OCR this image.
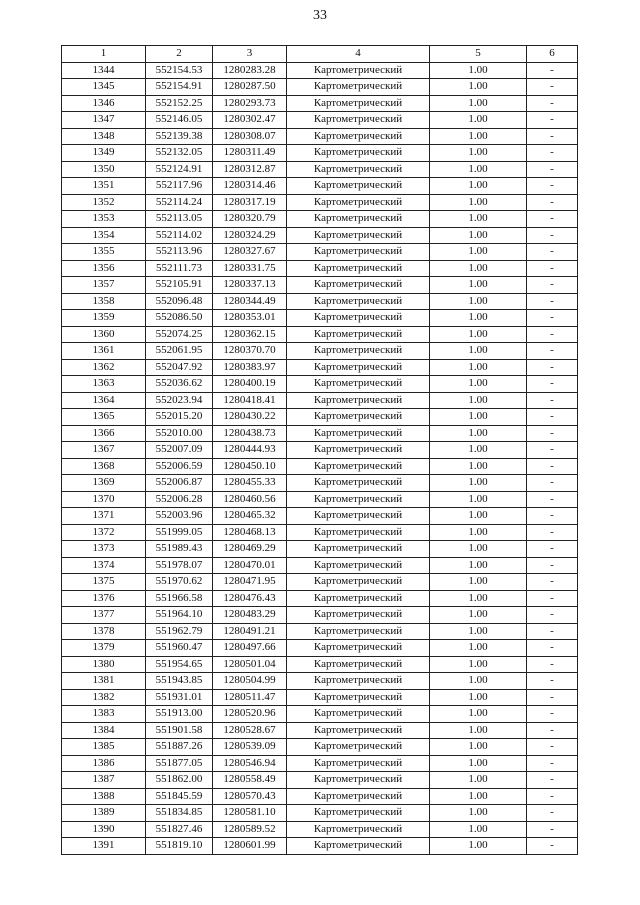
33
1	2	3	4	5	6
1344	552154.53	1280283.28	Картометрический	1.00	-
1345	552154.91	1280287.50	Картометрический	1.00	-
1346	552152.25	1280293.73	Картометрический	1.00	-
1347	552146.05	1280302.47	Картометрический	1.00	-
1348	552139.38	1280308.07	Картометрический	1.00	-
1349	552132.05	1280311.49	Картометрический	1.00	-
1350	552124.91	1280312.87	Картометрический	1.00	-
1351	552117.96	1280314.46	Картометрический	1.00	-
1352	552114.24	1280317.19	Картометрический	1.00	-
1353	552113.05	1280320.79	Картометрический	1.00	-
1354	552114.02	1280324.29	Картометрический	1.00	-
1355	552113.96	1280327.67	Картометрический	1.00	-
1356	552111.73	1280331.75	Картометрический	1.00	-
1357	552105.91	1280337.13	Картометрический	1.00	-
1358	552096.48	1280344.49	Картометрический	1.00	-
1359	552086.50	1280353.01	Картометрический	1.00	-
1360	552074.25	1280362.15	Картометрический	1.00	-
1361	552061.95	1280370.70	Картометрический	1.00	-
1362	552047.92	1280383.97	Картометрический	1.00	-
1363	552036.62	1280400.19	Картометрический	1.00	-
1364	552023.94	1280418.41	Картометрический	1.00	-
1365	552015.20	1280430.22	Картометрический	1.00	-
1366	552010.00	1280438.73	Картометрический	1.00	-
1367	552007.09	1280444.93	Картометрический	1.00	-
1368	552006.59	1280450.10	Картометрический	1.00	-
1369	552006.87	1280455.33	Картометрический	1.00	-
1370	552006.28	1280460.56	Картометрический	1.00	-
1371	552003.96	1280465.32	Картометрический	1.00	-
1372	551999.05	1280468.13	Картометрический	1.00	-
1373	551989.43	1280469.29	Картометрический	1.00	-
1374	551978.07	1280470.01	Картометрический	1.00	-
1375	551970.62	1280471.95	Картометрический	1.00	-
1376	551966.58	1280476.43	Картометрический	1.00	-
1377	551964.10	1280483.29	Картометрический	1.00	-
1378	551962.79	1280491.21	Картометрический	1.00	-
1379	551960.47	1280497.66	Картометрический	1.00	-
1380	551954.65	1280501.04	Картометрический	1.00	-
1381	551943.85	1280504.99	Картометрический	1.00	-
1382	551931.01	1280511.47	Картометрический	1.00	-
1383	551913.00	1280520.96	Картометрический	1.00	-
1384	551901.58	1280528.67	Картометрический	1.00	-
1385	551887.26	1280539.09	Картометрический	1.00	-
1386	551877.05	1280546.94	Картометрический	1.00	-
1387	551862.00	1280558.49	Картометрический	1.00	-
1388	551845.59	1280570.43	Картометрический	1.00	-
1389	551834.85	1280581.10	Картометрический	1.00	-
1390	551827.46	1280589.52	Картометрический	1.00	-
1391	551819.10	1280601.99	Картометрический	1.00	-
